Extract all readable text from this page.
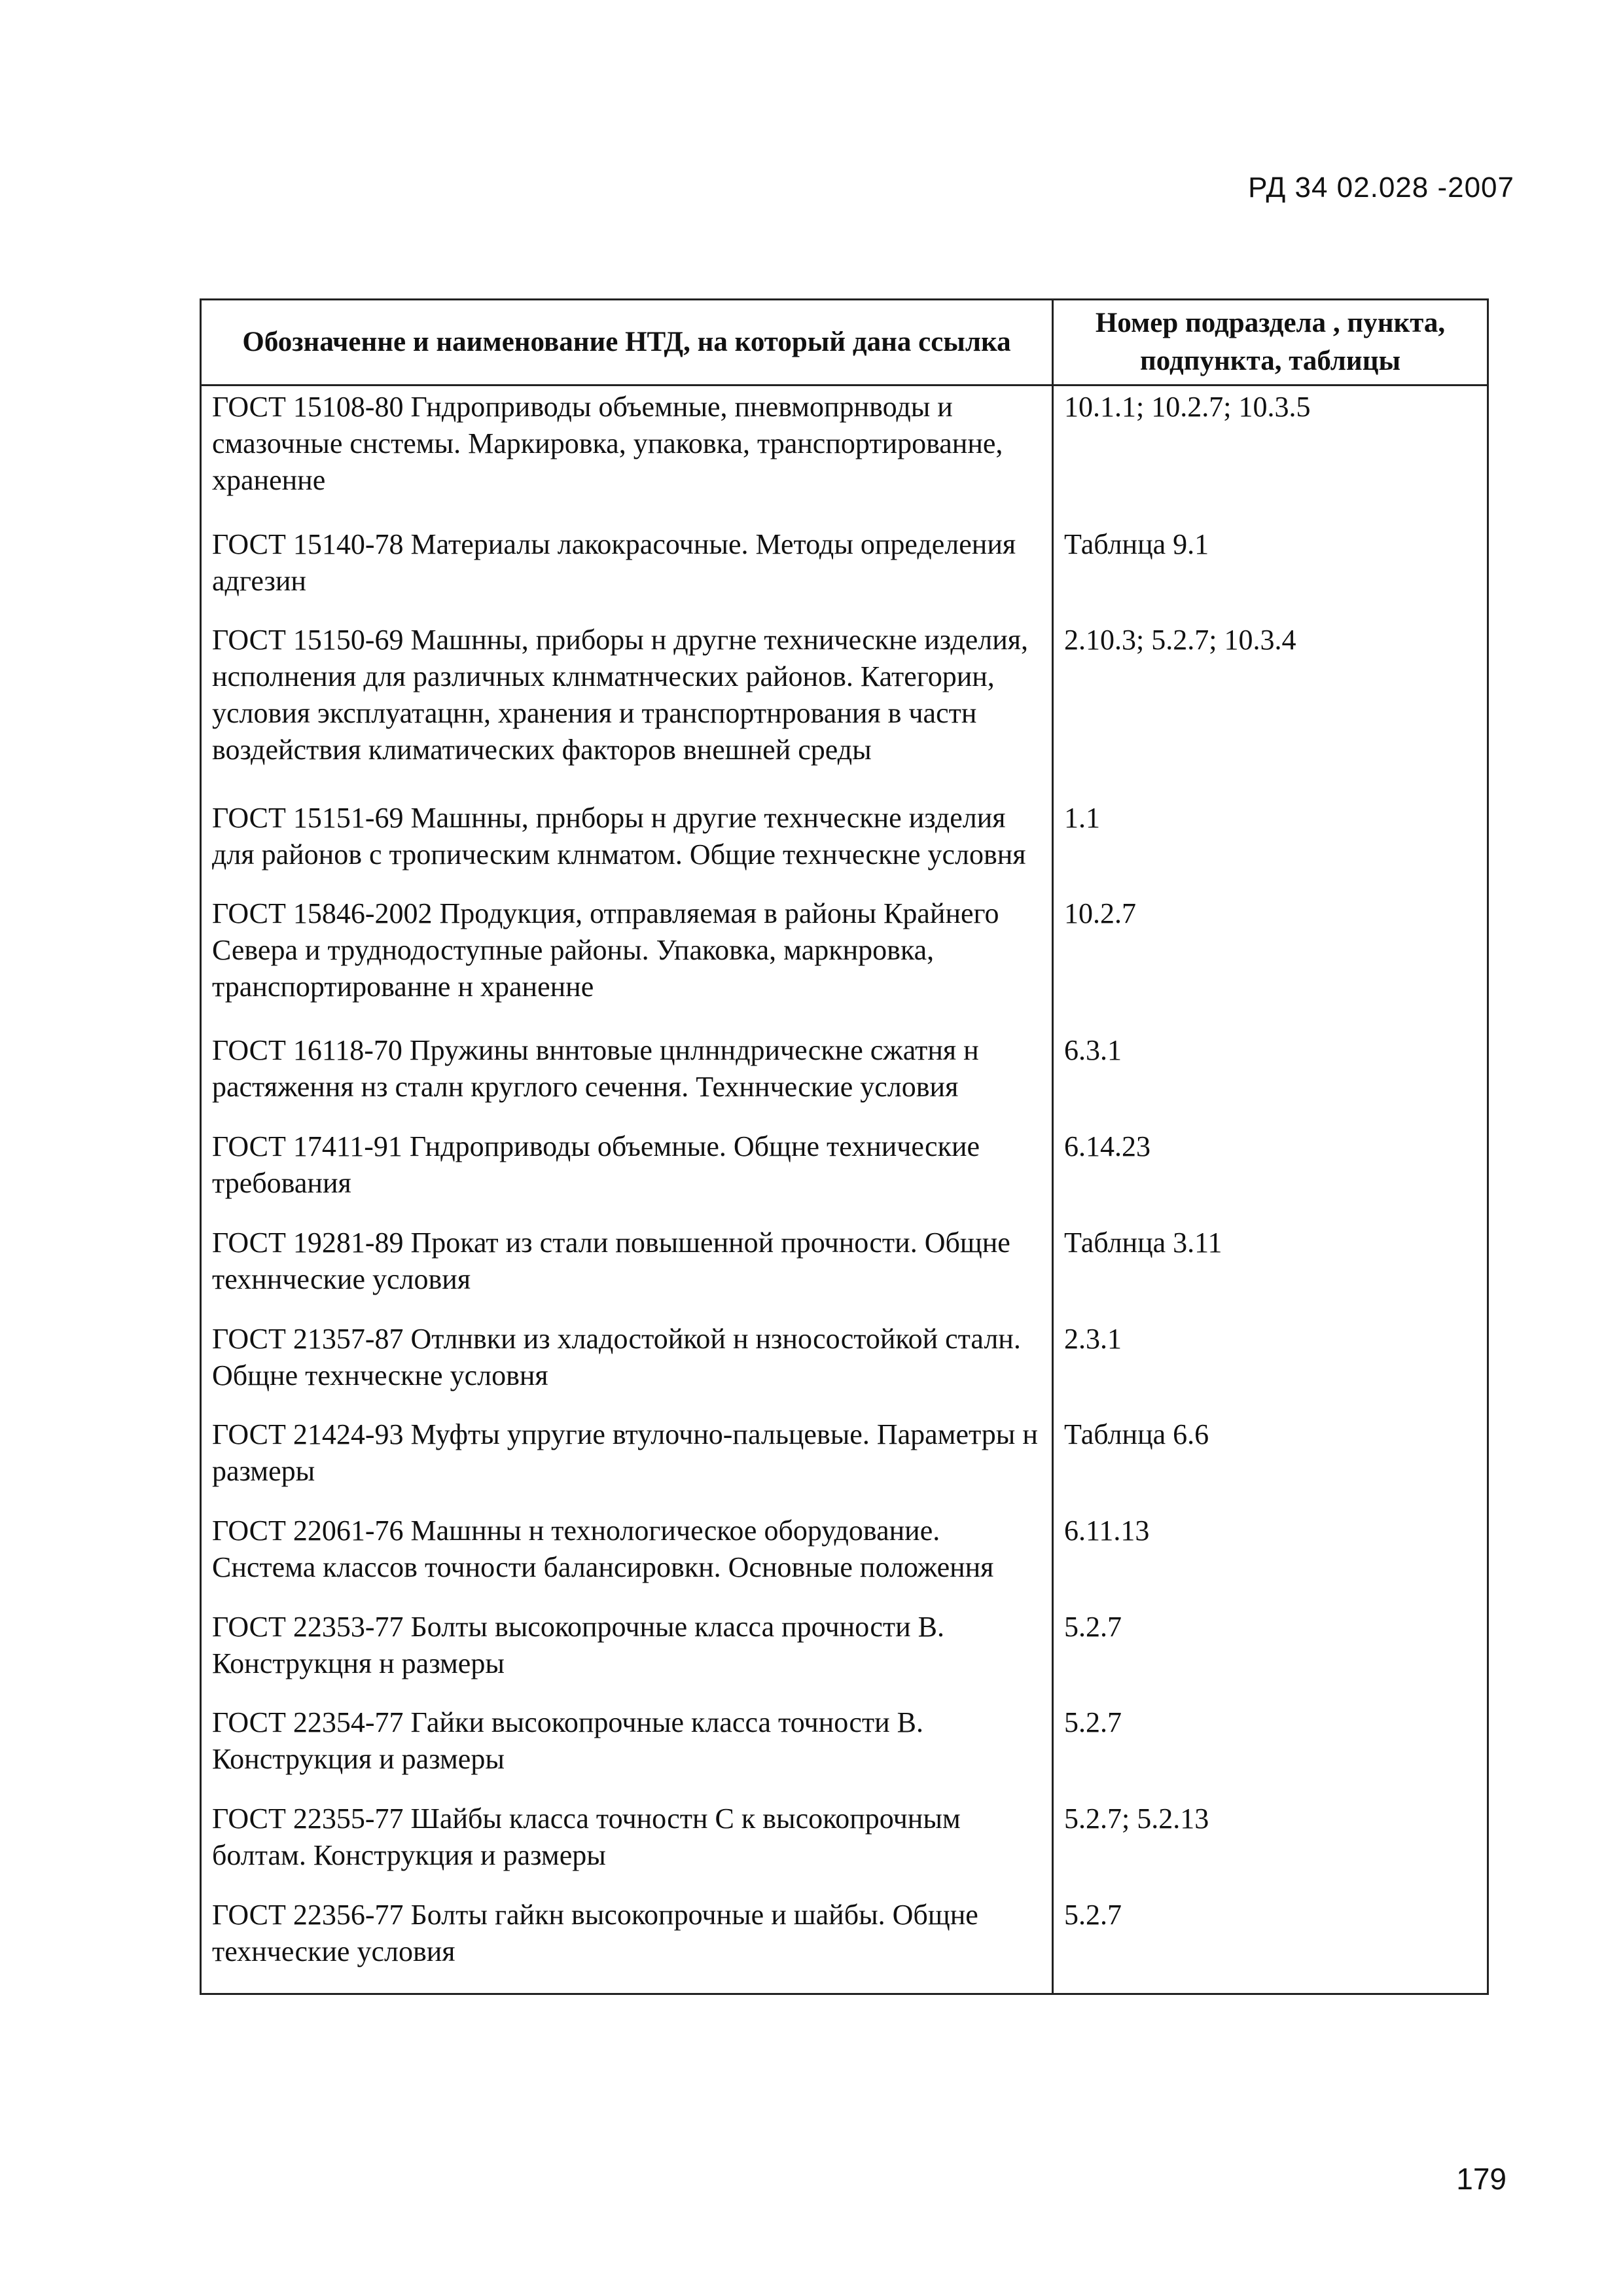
РД 34 02.028 -2007
Обозначенне и наименование НТД, на который дана ссылка	Номер подраздела , пункта, подпункта, таблицы
ГОСТ 15108-80 Гндроприводы объемные, пневмопрнводы и смазочные снстемы. Маркировка, упаковка, транспортированне, храненне	10.1.1; 10.2.7; 10.3.5
ГОСТ 15140-78 Материалы лакокрасочные. Методы определения адгезин	Таблнца 9.1
ГОСТ 15150-69 Машнны, приборы н другне техническне изделия, нсполнения для различных клнматнческих районов. Категорин, условия эксплуатацнн, хранения и транспортнрования в частн воздействия климатических факторов внешней среды	2.10.3; 5.2.7; 10.3.4
ГОСТ 15151-69 Машнны, прнборы н другие технческне изделия для районов с тропическим клнматом. Общие технческне условня	1.1
ГОСТ 15846-2002 Продукция, отправляемая в районы Крайнего Севера и труднодоступные районы. Упаковка, маркнровка, транспортированне н храненне	10.2.7
ГОСТ 16118-70 Пружины вннтовые цнлнндрическне сжатня н растяження нз сталн круглого сечення. Техннческие условия	6.3.1
ГОСТ 17411-91 Гндроприводы объемные. Общне технические требования	6.14.23
ГОСТ 19281-89 Прокат из стали повышенной прочности. Общне техннческие условия	Таблнца 3.11
ГОСТ 21357-87 Отлнвки из хладостойкой н нзносостойкой сталн. Общне технческне условня	2.3.1
ГОСТ 21424-93 Муфты упругие втулочно-пальцевые. Параметры н размеры	Таблнца 6.6
ГОСТ 22061-76 Машнны н технологическое оборудование. Снстема классов точности балансировкн. Основные положення	6.11.13
ГОСТ 22353-77 Болты высокопрочные класса прочности В. Конструкцня н размеры	5.2.7
ГОСТ 22354-77 Гайки высокопрочные класса точности В. Конструкция и размеры	5.2.7
ГОСТ 22355-77 Шайбы класса точностн С к высокопрочным болтам. Конструкция и размеры	5.2.7; 5.2.13
ГОСТ 22356-77 Болты гайкн высокопрочные и шайбы. Общне технческие условия	5.2.7

179
